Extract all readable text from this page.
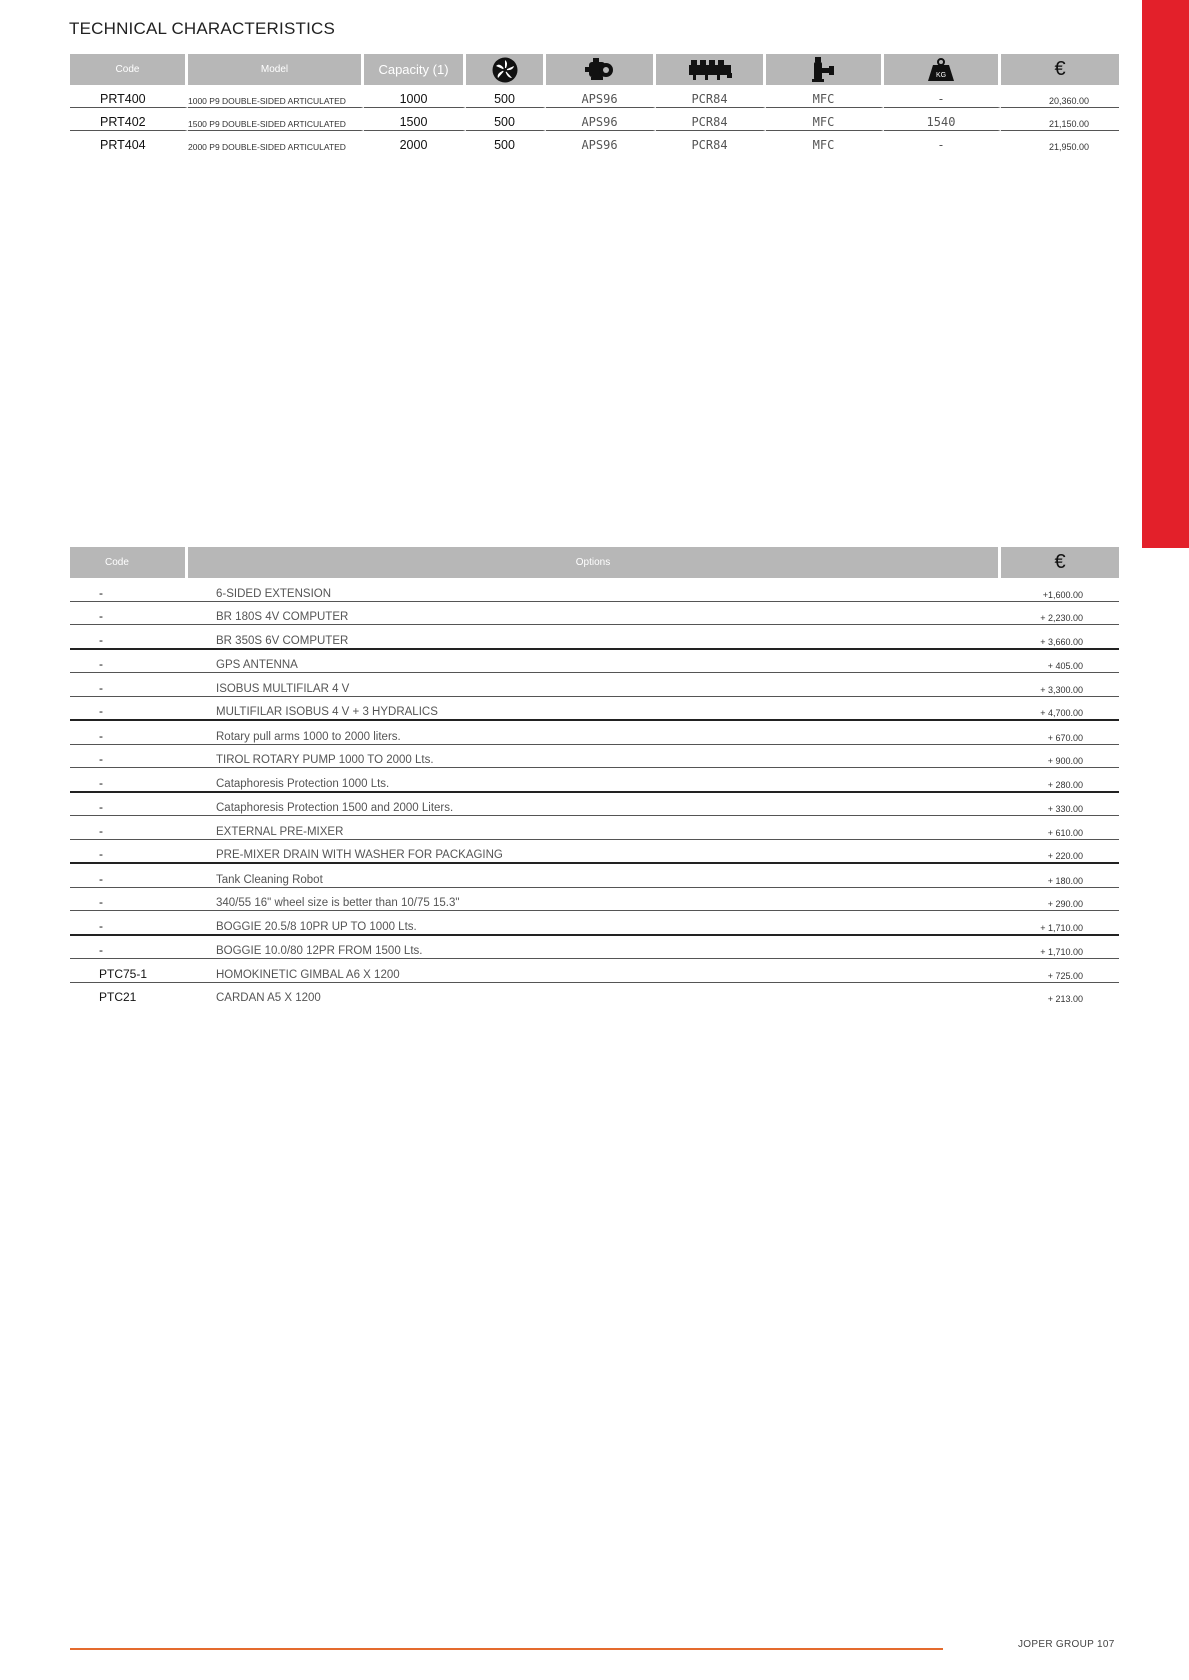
TECHNICAL CHARACTERISTICS
Code	Model	Capacity (1)					KG	€
PRT400	1000 P9 DOUBLE-SIDED ARTICULATED	1000	500	APS96	PCR84	MFC	-	20,360.00
PRT402	1500 P9 DOUBLE-SIDED ARTICULATED	1500	500	APS96	PCR84	MFC	1540	21,150.00
PRT404	2000 P9 DOUBLE-SIDED ARTICULATED	2000	500	APS96	PCR84	MFC	-	21,950.00
Code	Options	€
-	6-SIDED EXTENSION	+1,600.00
-	BR 180S 4V COMPUTER	+ 2,230.00
-	BR 350S 6V COMPUTER	+ 3,660.00
-	GPS ANTENNA	+ 405.00
-	ISOBUS MULTIFILAR 4 V	+ 3,300.00
-	MULTIFILAR ISOBUS 4 V + 3 HYDRALICS	+ 4,700.00
-	Rotary pull arms 1000 to 2000 liters.	+ 670.00
-	TIROL ROTARY PUMP 1000 TO 2000 Lts.	+ 900.00
-	Cataphoresis Protection 1000 Lts.	+ 280.00
-	Cataphoresis Protection 1500 and 2000 Liters.	+ 330.00
-	EXTERNAL PRE-MIXER	+ 610.00
-	PRE-MIXER DRAIN WITH WASHER FOR PACKAGING	+ 220.00
-	Tank Cleaning Robot	+ 180.00
-	340/55 16" wheel size is better than 10/75 15.3"	+ 290.00
-	BOGGIE 20.5/8 10PR UP TO 1000 Lts.	+ 1,710.00
-	BOGGIE 10.0/80 12PR FROM 1500 Lts.	+ 1,710.00
PTC75-1	HOMOKINETIC GIMBAL A6 X 1200	+ 725.00
PTC21	CARDAN A5 X 1200	+ 213.00
JOPER GROUP 107
